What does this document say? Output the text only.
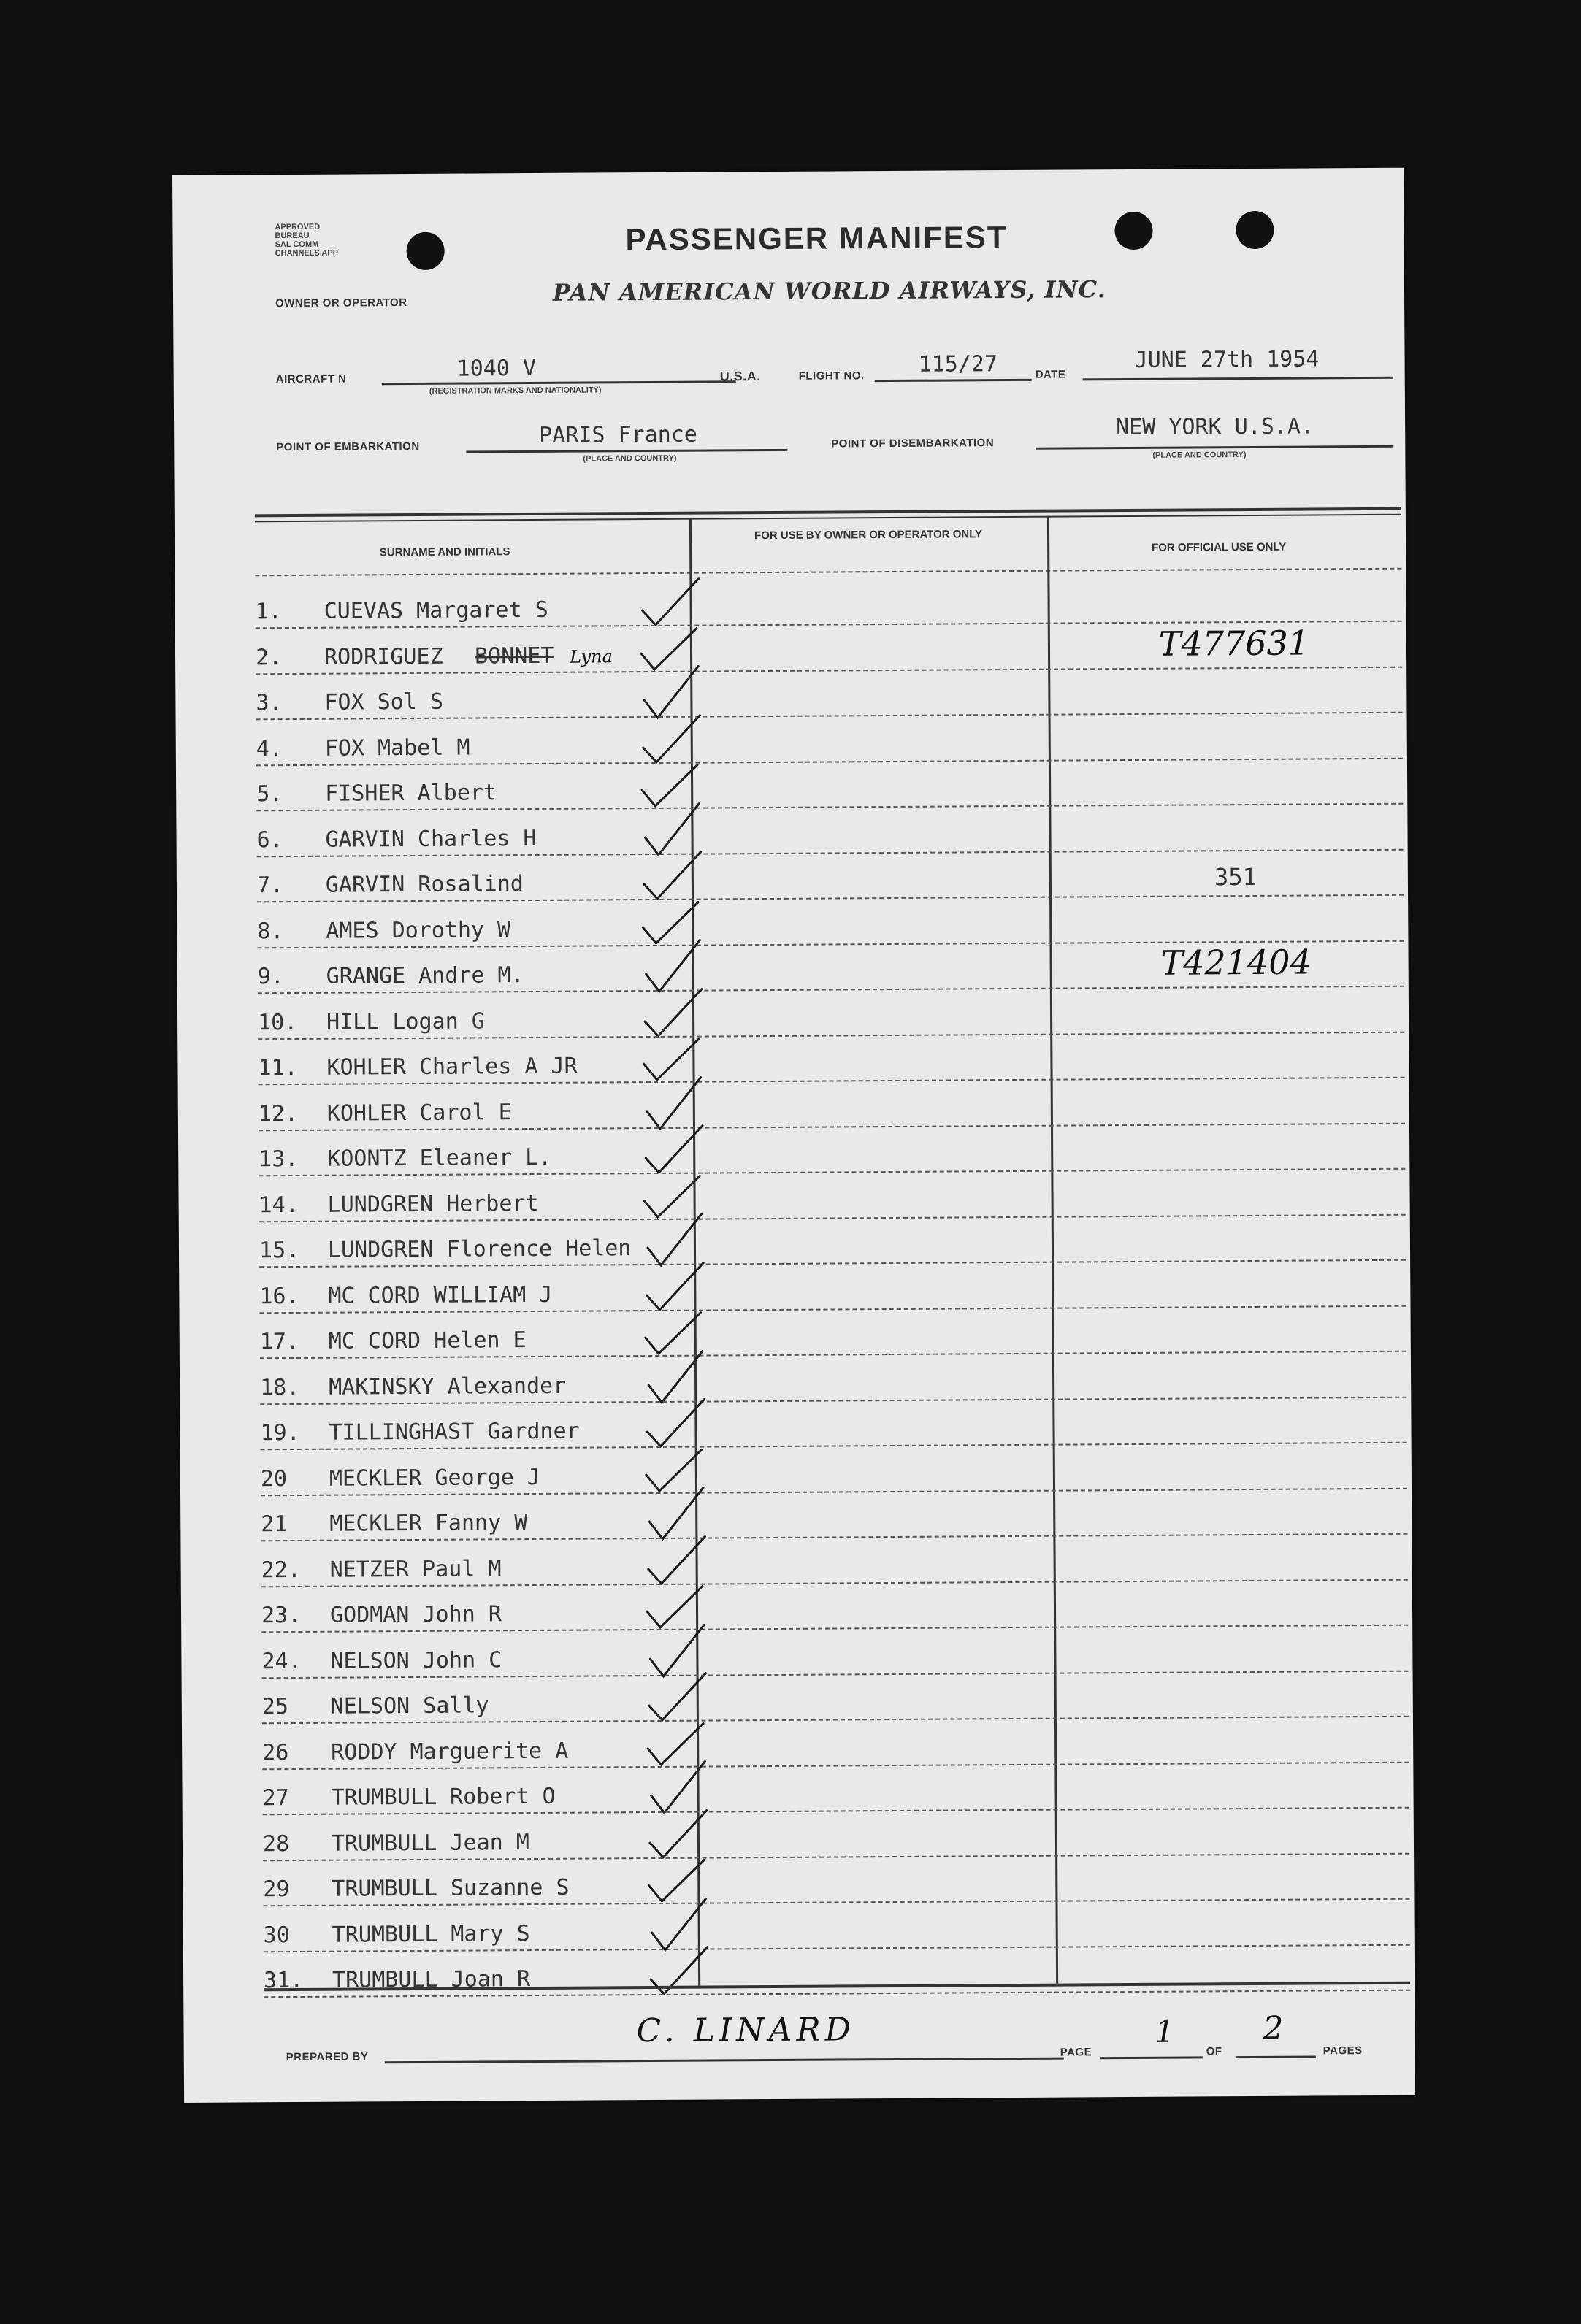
APPROVED
BUREAU
SAL COMM
CHANNELS APP	PASSENGER MANIFEST
PAN AMERICAN WORLD AIRWAYS, INC.
OWNER OR OPERATOR
AIRCRAFT N	1040 V
(REGISTRATION MARKS AND NATIONALITY)
U.S.A.	FLIGHT NO. 115/27	DATE
JUNE 27th 1954
POINT OF EMBARKATION	PARIS France
(PLACE AND COUNTRY)
POINT OF DISEMBARKATION
NEW YORK U.S.A.
(PLACE AND COUNTRY)
SURNAME AND INITIALS
FOR USE BY OWNER OR OPERATOR ONLY
FOR OFFICIAL USE ONLY
1. CUEVAS Margaret S
2. RODRIGUEZ BONNET Lyna	T477631
3. FOX Sol S
4. FOX Mabel M
5. FISHER Albert
6. GARVIN Charles H
7. GARVIN Rosalind	351
8. AMES Dorothy W
9. GRANGE Andre M.	T421404
10. HILL Logan G
11. KOHLER Charles A JR
12. KOHLER Carol E
13. KOONTZ Eleaner L.
14. LUNDGREN Herbert
15. LUNDGREN Florence Helen
16. MC CORD WILLIAM J
17. MC CORD Helen E
18. MAKINSKY Alexander
19. TILLINGHAST Gardner
20 MECKLER George J
21 MECKLER Fanny W
22. NETZER Paul M
23. GODMAN John R
24. NELSON John C
25 NELSON Sally
26 RODDY Marguerite A
27 TRUMBULL Robert O
28 TRUMBULL Jean M
29 TRUMBULL Suzanne S
30 TRUMBULL Mary S
31. TRUMBULL Joan R
PREPARED BY
C. LINARD
PAGE
1
OF
2
PAGES
